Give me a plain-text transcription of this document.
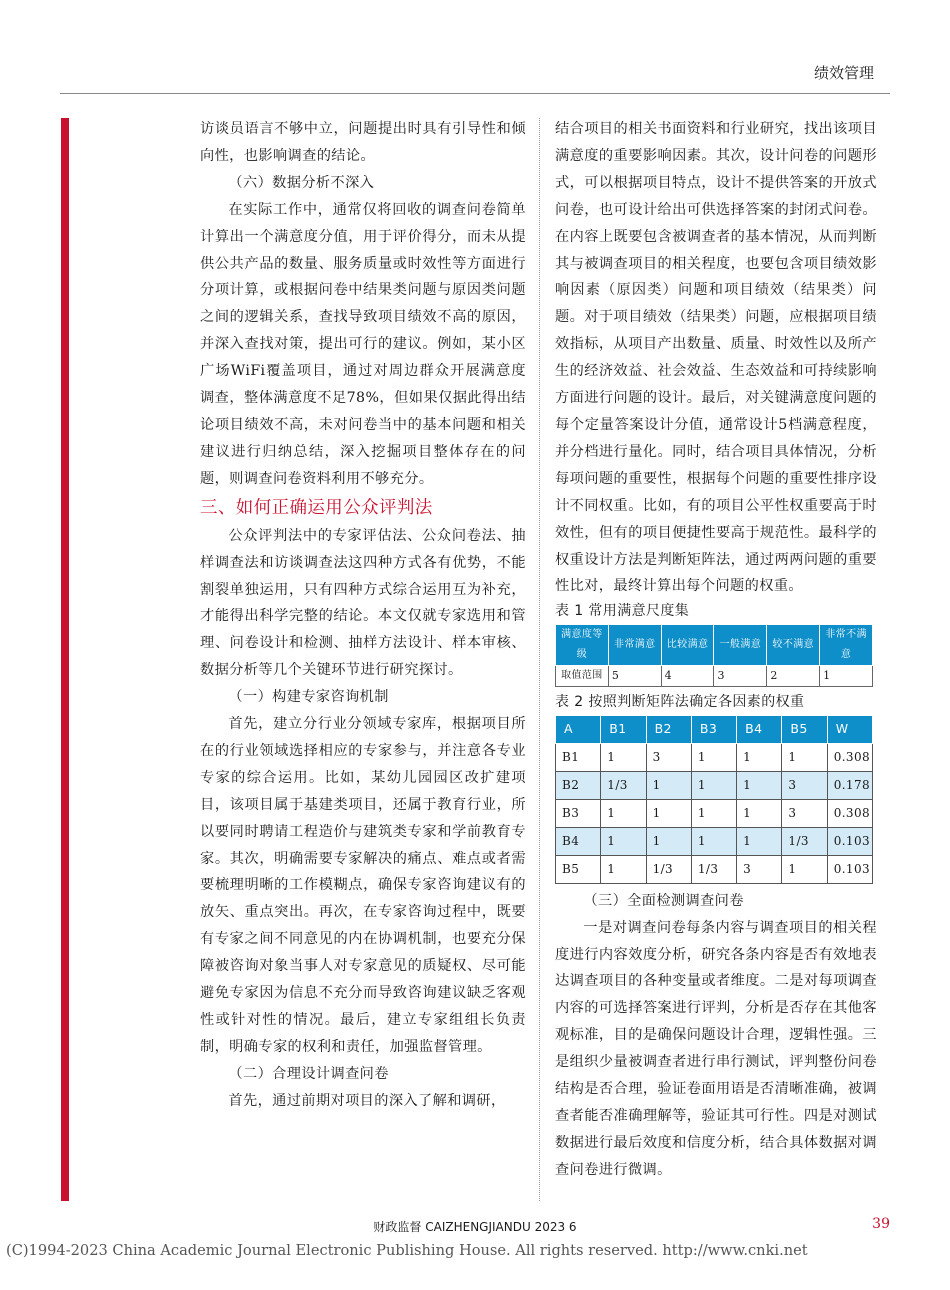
绩效管理

访谈员语言不够中立，问题提出时具有引导性和倾向性，也影响调查的结论。

（六）数据分析不深入

在实际工作中，通常仅将回收的调查问卷简单计算出一个满意度分值，用于评价得分，而未从提供公共产品的数量、服务质量或时效性等方面进行分项计算，或根据问卷中结果类问题与原因类问题之间的逻辑关系，查找导致项目绩效不高的原因，并深入查找对策，提出可行的建议。例如，某小区广场WiFi覆盖项目，通过对周边群众开展满意度调查，整体满意度不足78%，但如果仅据此得出结论项目绩效不高，未对问卷当中的基本问题和相关建议进行归纳总结，深入挖掘项目整体存在的问题，则调查问卷资料利用不够充分。

三、如何正确运用公众评判法

公众评判法中的专家评估法、公众问卷法、抽样调查法和访谈调查法这四种方式各有优势，不能割裂单独运用，只有四种方式综合运用互为补充，才能得出科学完整的结论。本文仅就专家选用和管理、问卷设计和检测、抽样方法设计、样本审核、数据分析等几个关键环节进行研究探讨。

（一）构建专家咨询机制

首先，建立分行业分领域专家库，根据项目所在的行业领域选择相应的专家参与，并注意各专业专家的综合运用。比如，某幼儿园园区改扩建项目，该项目属于基建类项目，还属于教育行业，所以要同时聘请工程造价与建筑类专家和学前教育专家。其次，明确需要专家解决的痛点、难点或者需要梳理明晰的工作模糊点，确保专家咨询建议有的放矢、重点突出。再次，在专家咨询过程中，既要有专家之间不同意见的内在协调机制，也要充分保障被咨询对象当事人对专家意见的质疑权、尽可能避免专家因为信息不充分而导致咨询建议缺乏客观性或针对性的情况。最后，建立专家组组长负责制，明确专家的权利和责任，加强监督管理。

（二）合理设计调查问卷

首先，通过前期对项目的深入了解和调研，

结合项目的相关书面资料和行业研究，找出该项目满意度的重要影响因素。其次，设计问卷的问题形式，可以根据项目特点，设计不提供答案的开放式问卷，也可设计给出可供选择答案的封闭式问卷。在内容上既要包含被调查者的基本情况，从而判断其与被调查项目的相关程度，也要包含项目绩效影响因素（原因类）问题和项目绩效（结果类）问题。对于项目绩效（结果类）问题，应根据项目绩效指标，从项目产出数量、质量、时效性以及所产生的经济效益、社会效益、生态效益和可持续影响方面进行问题的设计。最后，对关键满意度问题的每个定量答案设计分值，通常设计5档满意程度，并分档进行量化。同时，结合项目具体情况，分析每项问题的重要性，根据每个问题的重要性排序设计不同权重。比如，有的项目公平性权重要高于时效性，但有的项目便捷性要高于规范性。最科学的权重设计方法是判断矩阵法，通过两两问题的重要性比对，最终计算出每个问题的权重。

表 1 常用满意尺度集

满意度等级	非常满意	比较满意	一般满意	较不满意	非常不满意
取值范围	5	4	3	2	1

表 2 按照判断矩阵法确定各因素的权重

A	B1	B2	B3	B4	B5	W
B1	1	3	1	1	1	0.308
B2	1/3	1	1	1	3	0.178
B3	1	1	1	1	3	0.308
B4	1	1	1	1	1/3	0.103
B5	1	1/3	1/3	3	1	0.103

（三）全面检测调查问卷

一是对调查问卷每条内容与调查项目的相关程度进行内容效度分析，研究各条内容是否有效地表达调查项目的各种变量或者维度。二是对每项调查内容的可选择答案进行评判，分析是否存在其他客观标准，目的是确保问题设计合理，逻辑性强。三是组织少量被调查者进行串行测试，评判整份问卷结构是否合理，验证卷面用语是否清晰准确，被调查者能否准确理解等，验证其可行性。四是对测试数据进行最后效度和信度分析，结合具体数据对调查问卷进行微调。

财政监督 CAIZHENGJIANDU 2023 6	39
(C)1994-2023 China Academic Journal Electronic Publishing House. All rights reserved. http://www.cnki.net
